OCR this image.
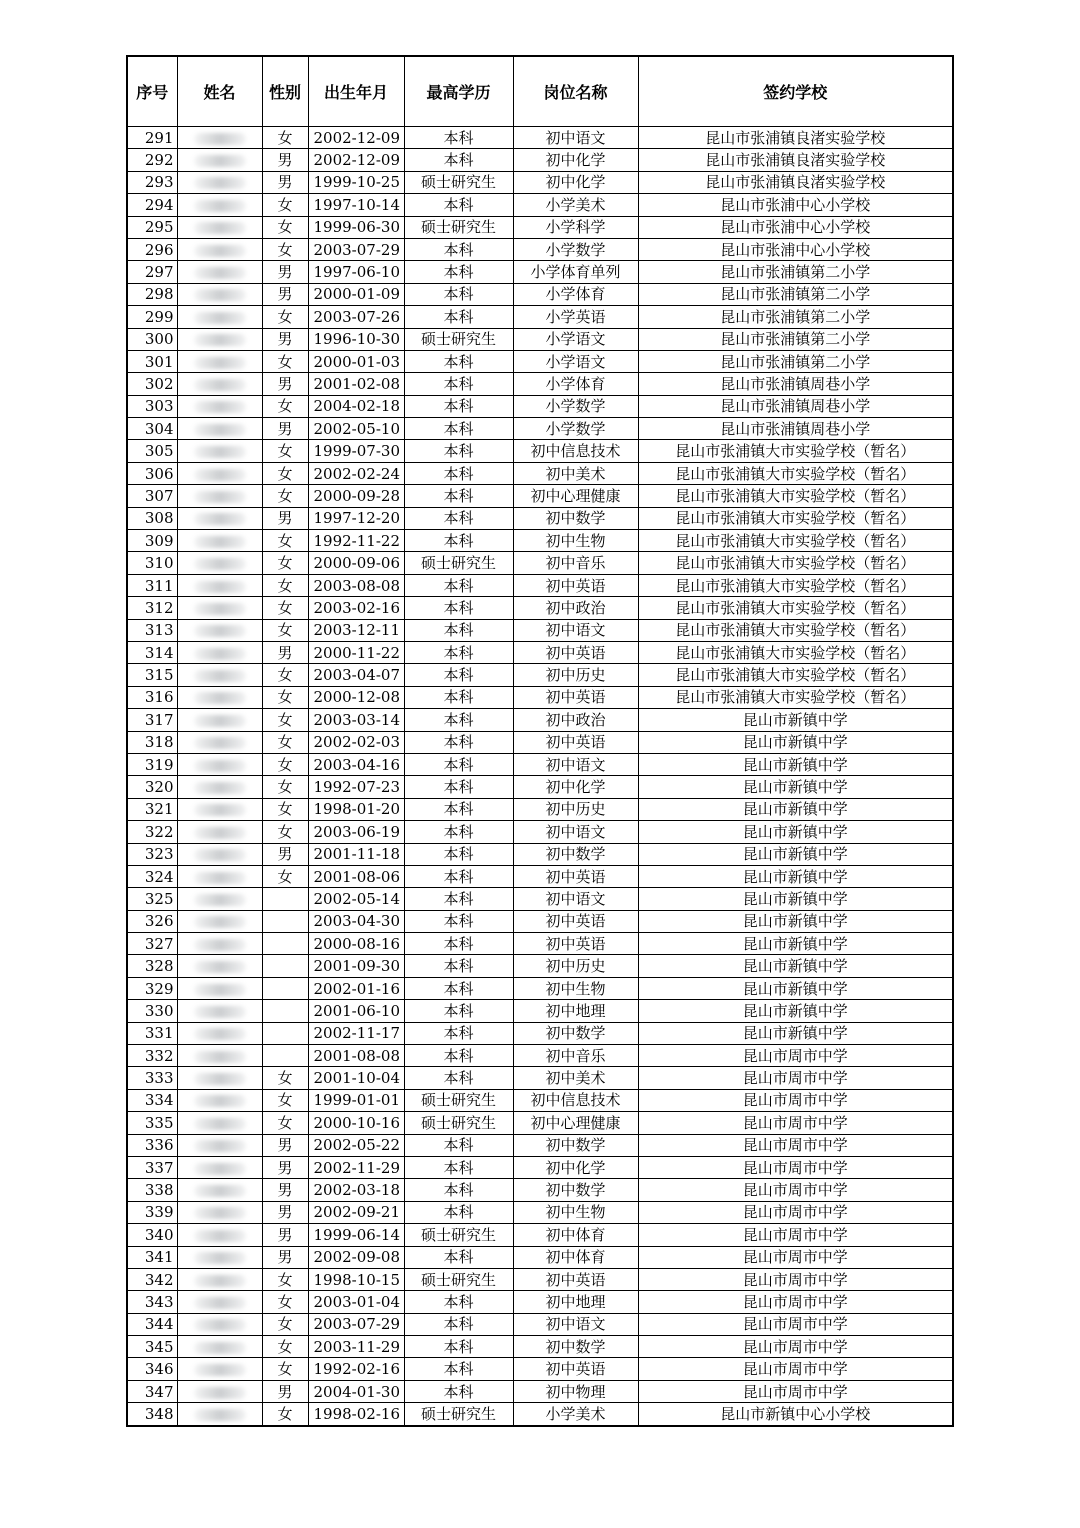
序号	姓名	性别	出生年月	最高学历	岗位名称	签约学校
291		女	2002-12-09	本科	初中语文	昆山市张浦镇良渚实验学校
292		男	2002-12-09	本科	初中化学	昆山市张浦镇良渚实验学校
293		男	1999-10-25	硕士研究生	初中化学	昆山市张浦镇良渚实验学校
294		女	1997-10-14	本科	小学美术	昆山市张浦中心小学校
295		女	1999-06-30	硕士研究生	小学科学	昆山市张浦中心小学校
296		女	2003-07-29	本科	小学数学	昆山市张浦中心小学校
297		男	1997-06-10	本科	小学体育单列	昆山市张浦镇第二小学
298		男	2000-01-09	本科	小学体育	昆山市张浦镇第二小学
299		女	2003-07-26	本科	小学英语	昆山市张浦镇第二小学
300		男	1996-10-30	硕士研究生	小学语文	昆山市张浦镇第二小学
301		女	2000-01-03	本科	小学语文	昆山市张浦镇第二小学
302		男	2001-02-08	本科	小学体育	昆山市张浦镇周巷小学
303		女	2004-02-18	本科	小学数学	昆山市张浦镇周巷小学
304		男	2002-05-10	本科	小学数学	昆山市张浦镇周巷小学
305		女	1999-07-30	本科	初中信息技术	昆山市张浦镇大市实验学校（暂名）
306		女	2002-02-24	本科	初中美术	昆山市张浦镇大市实验学校（暂名）
307		女	2000-09-28	本科	初中心理健康	昆山市张浦镇大市实验学校（暂名）
308		男	1997-12-20	本科	初中数学	昆山市张浦镇大市实验学校（暂名）
309		女	1992-11-22	本科	初中生物	昆山市张浦镇大市实验学校（暂名）
310		女	2000-09-06	硕士研究生	初中音乐	昆山市张浦镇大市实验学校（暂名）
311		女	2003-08-08	本科	初中英语	昆山市张浦镇大市实验学校（暂名）
312		女	2003-02-16	本科	初中政治	昆山市张浦镇大市实验学校（暂名）
313		女	2003-12-11	本科	初中语文	昆山市张浦镇大市实验学校（暂名）
314		男	2000-11-22	本科	初中英语	昆山市张浦镇大市实验学校（暂名）
315		女	2003-04-07	本科	初中历史	昆山市张浦镇大市实验学校（暂名）
316		女	2000-12-08	本科	初中英语	昆山市张浦镇大市实验学校（暂名）
317		女	2003-03-14	本科	初中政治	昆山市新镇中学
318		女	2002-02-03	本科	初中英语	昆山市新镇中学
319		女	2003-04-16	本科	初中语文	昆山市新镇中学
320		女	1992-07-23	本科	初中化学	昆山市新镇中学
321		女	1998-01-20	本科	初中历史	昆山市新镇中学
322		女	2003-06-19	本科	初中语文	昆山市新镇中学
323		男	2001-11-18	本科	初中数学	昆山市新镇中学
324		女	2001-08-06	本科	初中英语	昆山市新镇中学
325			2002-05-14	本科	初中语文	昆山市新镇中学
326			2003-04-30	本科	初中英语	昆山市新镇中学
327			2000-08-16	本科	初中英语	昆山市新镇中学
328			2001-09-30	本科	初中历史	昆山市新镇中学
329			2002-01-16	本科	初中生物	昆山市新镇中学
330			2001-06-10	本科	初中地理	昆山市新镇中学
331			2002-11-17	本科	初中数学	昆山市新镇中学
332			2001-08-08	本科	初中音乐	昆山市周市中学
333		女	2001-10-04	本科	初中美术	昆山市周市中学
334		女	1999-01-01	硕士研究生	初中信息技术	昆山市周市中学
335		女	2000-10-16	硕士研究生	初中心理健康	昆山市周市中学
336		男	2002-05-22	本科	初中数学	昆山市周市中学
337		男	2002-11-29	本科	初中化学	昆山市周市中学
338		男	2002-03-18	本科	初中数学	昆山市周市中学
339		男	2002-09-21	本科	初中生物	昆山市周市中学
340		男	1999-06-14	硕士研究生	初中体育	昆山市周市中学
341		男	2002-09-08	本科	初中体育	昆山市周市中学
342		女	1998-10-15	硕士研究生	初中英语	昆山市周市中学
343		女	2003-01-04	本科	初中地理	昆山市周市中学
344		女	2003-07-29	本科	初中语文	昆山市周市中学
345		女	2003-11-29	本科	初中数学	昆山市周市中学
346		女	1992-02-16	本科	初中英语	昆山市周市中学
347		男	2004-01-30	本科	初中物理	昆山市周市中学
348		女	1998-02-16	硕士研究生	小学美术	昆山市新镇中心小学校
